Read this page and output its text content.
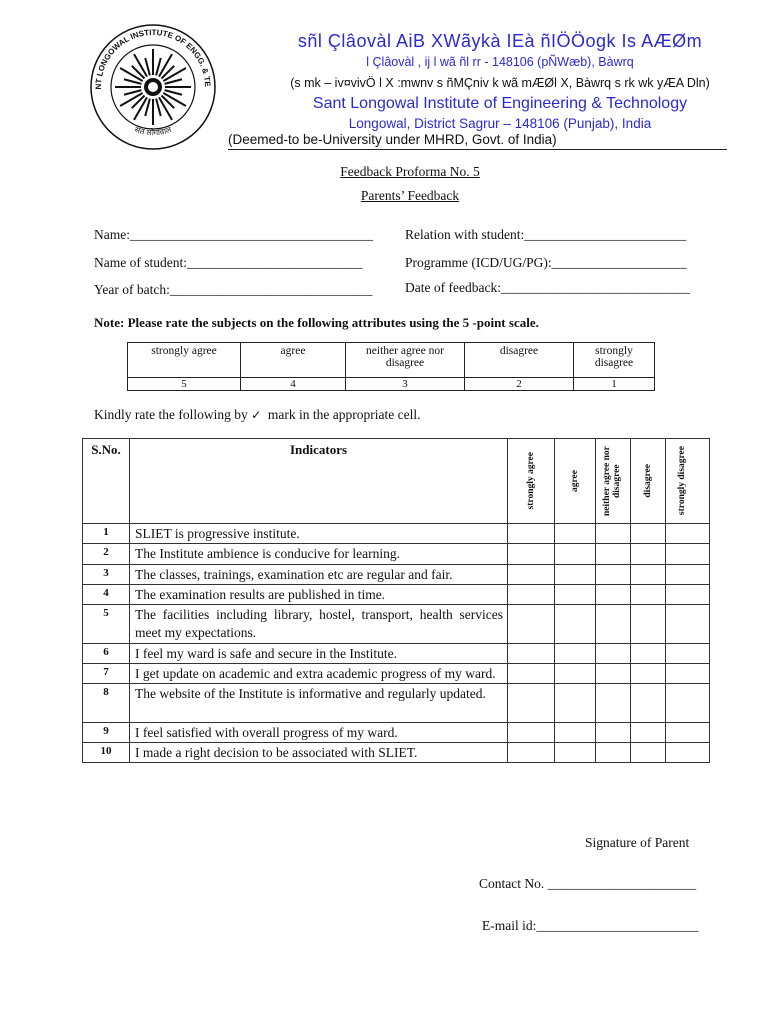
NT LONGOWAL INSTITUTE OF ENGG. & TE
संत लौंगोवाल
sñl Çlâovàl AiB XWãykà IEà ñIÖÖogk Is AÆØm
l Çlâovàl , ij l wã ñl rr - 148106 (pÑWæb), Bàwrq
(s mk – iv¤vivÖ l X :mwnv s ñMÇniv k wã mÆØl X, Bàwrq s rk wk yÆA Dln)
Sant Longowal Institute of Engineering & Technology
Longowal, District Sagrur – 148106 (Punjab), India
(Deemed-to be-University under MHRD, Govt. of India)
Feedback Proforma No. 5
Parents’ Feedback
Name:____________________________________ Relation with student:________________________
Name of student:__________________________	Programme (ICD/UG/PG):____________________
Year of batch:______________________________ Date of feedback:____________________________
Note: Please rate the subjects on the following attributes using the 5 -point scale.
strongly agree	agree	neither agree nor disagree	disagree	strongly disagree
5	4	3	2	1
Kindly rate the following by ✓  mark in the appropriate cell.
S.No.	Indicators	strongly agree	agree	neither agree nor disagree	disagree	strongly disagree

1	SLIET is progressive institute.					
2	The Institute ambience is conducive for learning.					
3	The classes, trainings, examination etc are regular and fair.					
4	The examination results are published in time.					
5	The facilities including library, hostel, transport, health services meet my expectations.					
6	I feel my ward is safe and secure in the Institute.					
7	I get update on academic and extra academic progress of my ward.					
8	The website of the Institute is informative and regularly updated.					
9	I feel satisfied with overall progress of my ward.					
10	I made a right decision to be associated with SLIET.					
Signature of Parent
Contact No. ______________________
E-mail id:________________________
